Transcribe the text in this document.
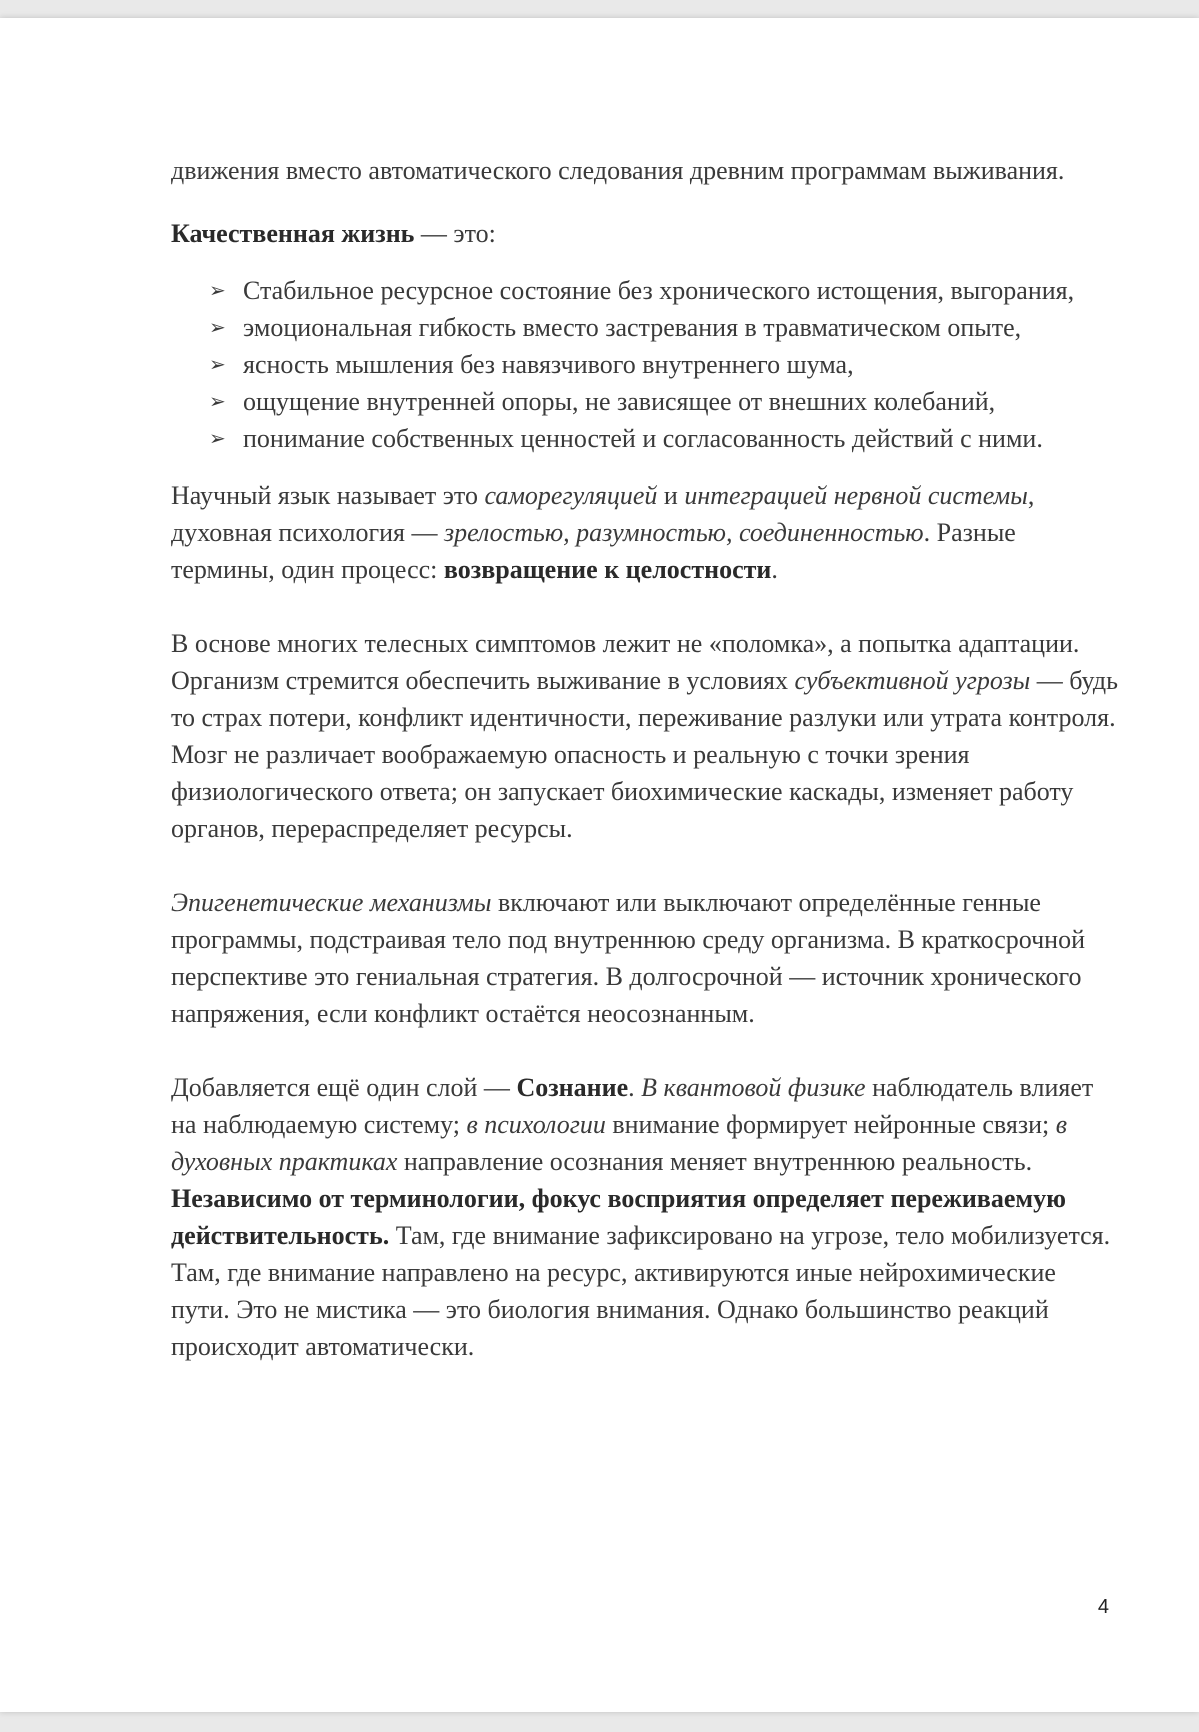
движения вместо автоматического следования древним программам выживания.

Качественная жизнь — это:

➢ Стабильное ресурсное состояние без хронического истощения, выгорания,
➢ эмоциональная гибкость вместо застревания в травматическом опыте,
➢ ясность мышления без навязчивого внутреннего шума,
➢ ощущение внутренней опоры, не зависящее от внешних колебаний,
➢ понимание собственных ценностей и согласованность действий с ними.

Научный язык называет это саморегуляцией и интеграцией нервной системы, духовная психология — зрелостью, разумностью, соединенностью. Разные термины, один процесс: возвращение к целостности.

В основе многих телесных симптомов лежит не «поломка», а попытка адаптации. Организм стремится обеспечить выживание в условиях субъективной угрозы — будь то страх потери, конфликт идентичности, переживание разлуки или утрата контроля. Мозг не различает воображаемую опасность и реальную с точки зрения физиологического ответа; он запускает биохимические каскады, изменяет работу органов, перераспределяет ресурсы.

Эпигенетические механизмы включают или выключают определённые генные программы, подстраивая тело под внутреннюю среду организма. В краткосрочной перспективе это гениальная стратегия. В долгосрочной — источник хронического напряжения, если конфликт остаётся неосознанным.

Добавляется ещё один слой — Сознание. В квантовой физике наблюдатель влияет на наблюдаемую систему; в психологии внимание формирует нейронные связи; в духовных практиках направление осознания меняет внутреннюю реальность. Независимо от терминологии, фокус восприятия определяет переживаемую действительность. Там, где внимание зафиксировано на угрозе, тело мобилизуется. Там, где внимание направлено на ресурс, активируются иные нейрохимические пути. Это не мистика — это биология внимания. Однако большинство реакций происходит автоматически.

4
